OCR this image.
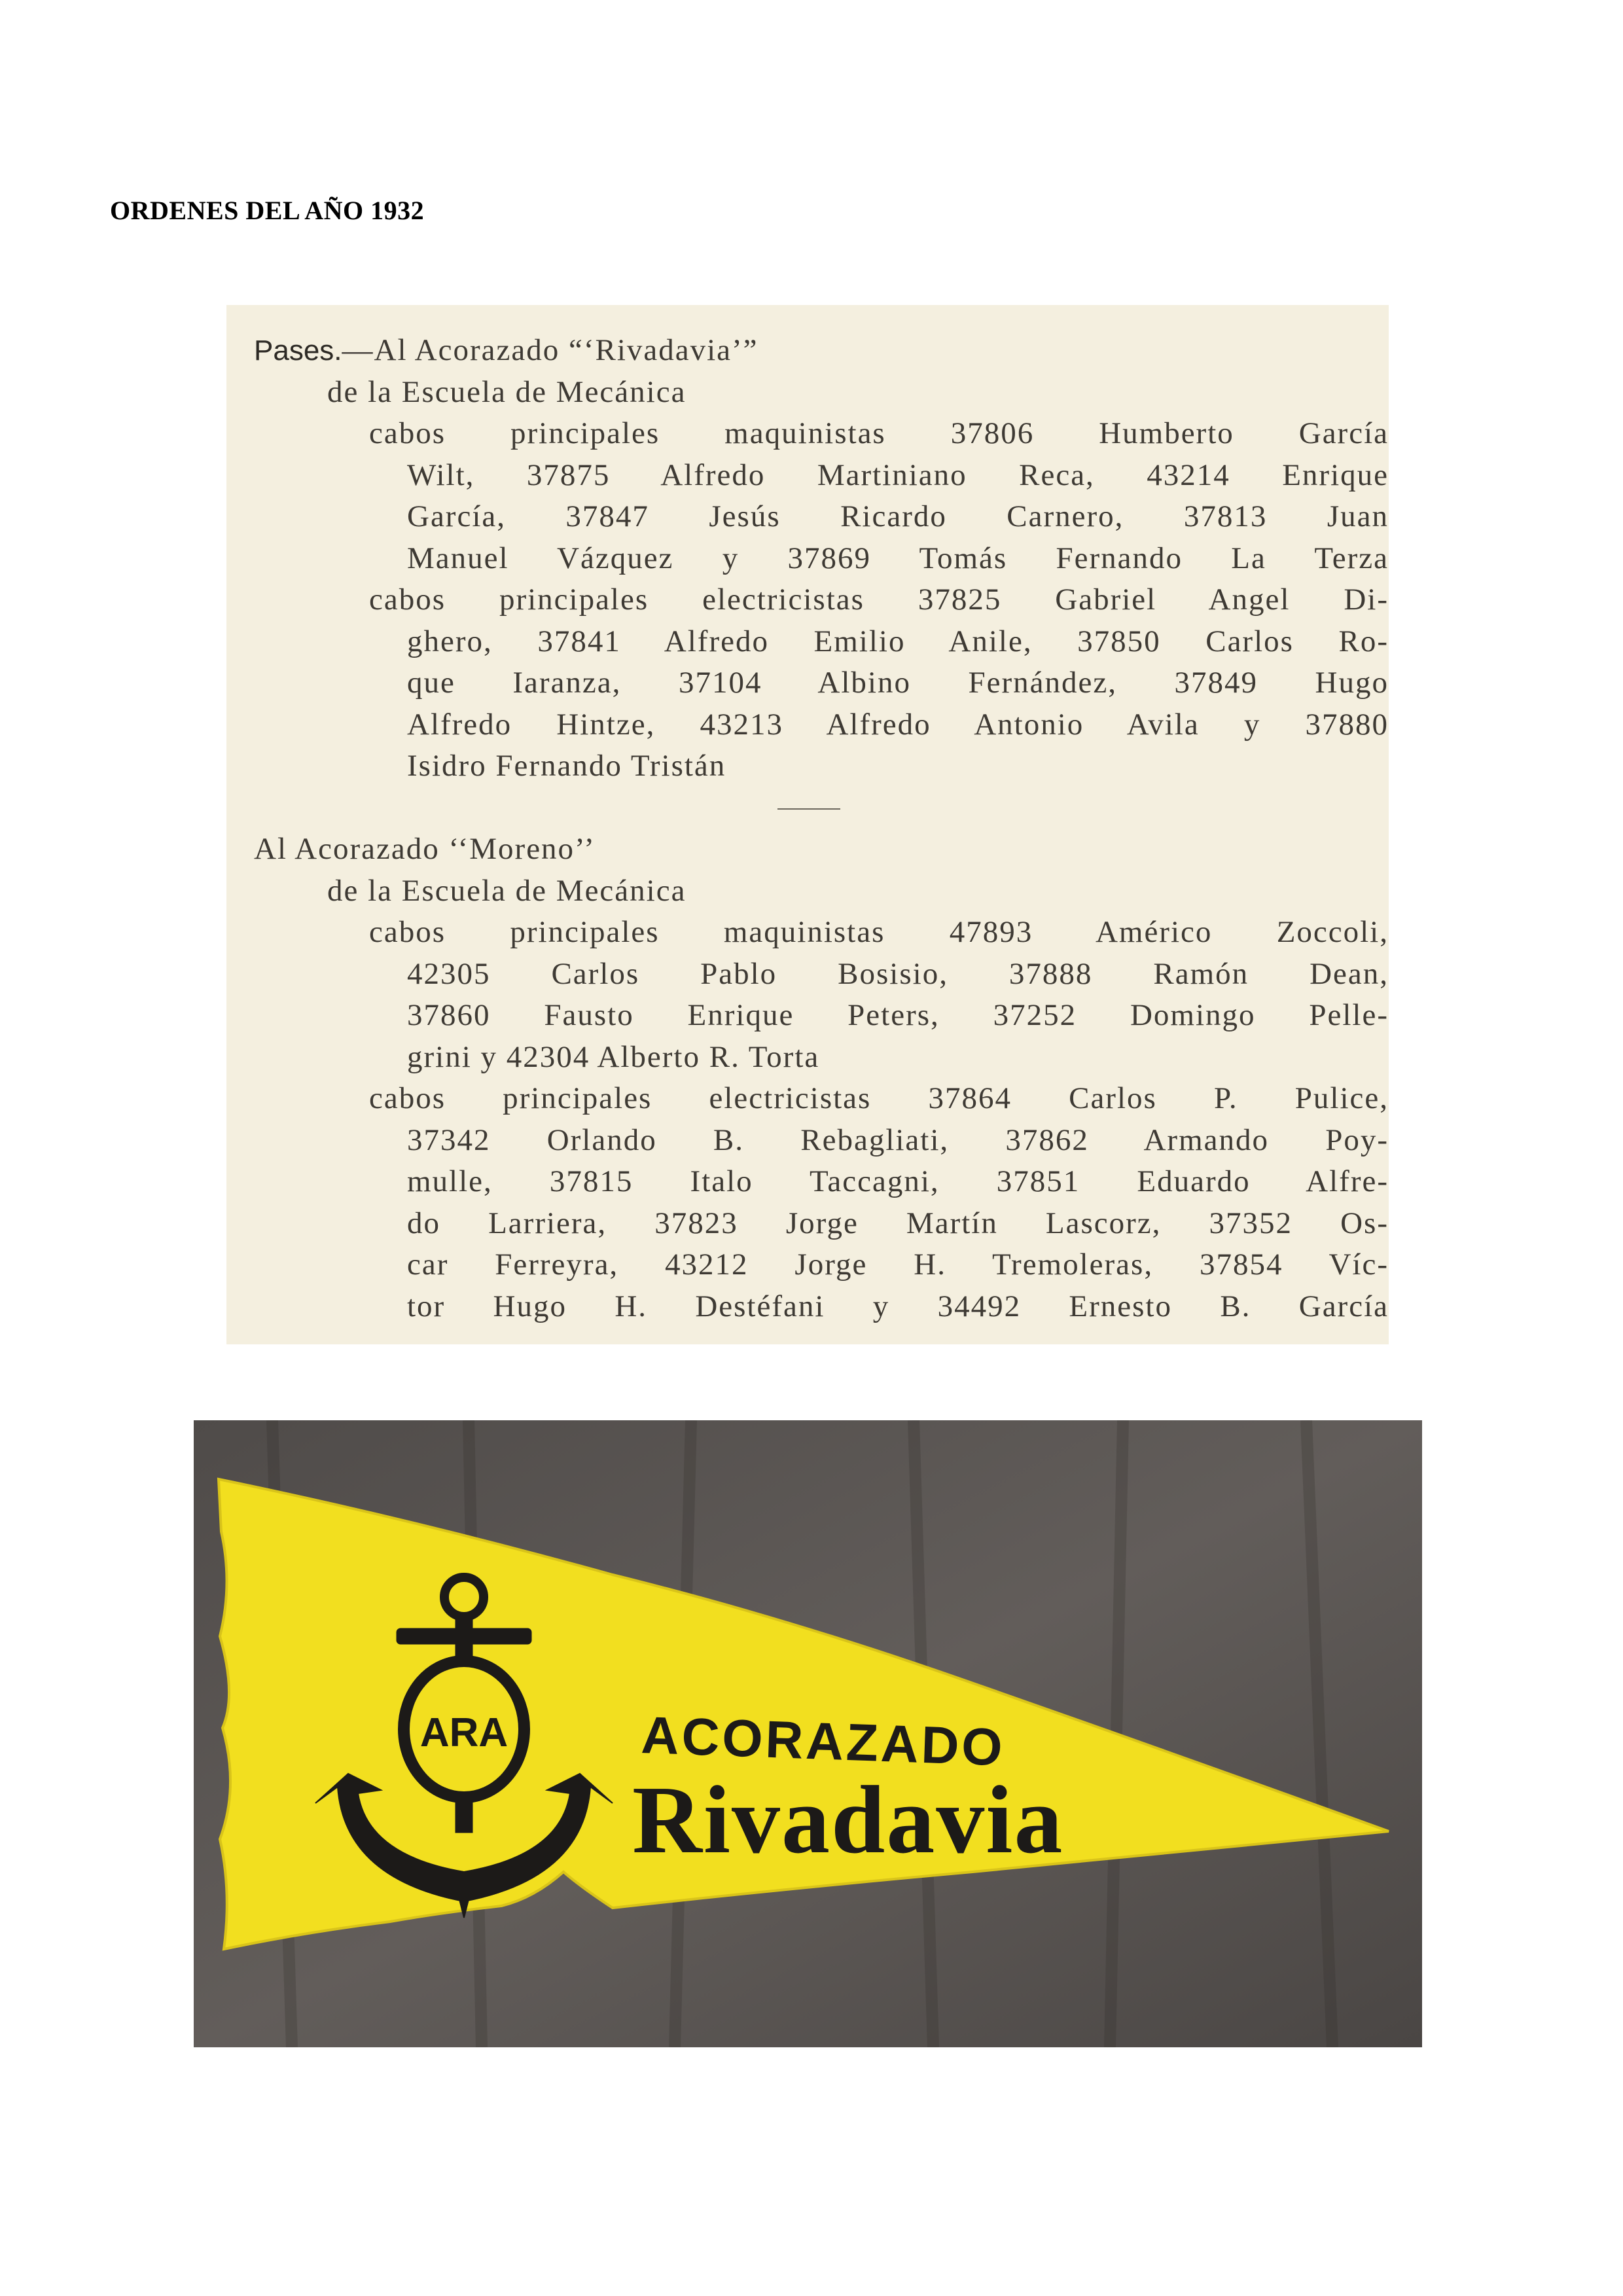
ORDENES DEL AÑO 1932
Pases.—Al Acorazado “‘Rivadavia’”
de la Escuela de Mecánica
cabos principales maquinistas 37806 Humberto García
Wilt, 37875 Alfredo Martiniano Reca, 43214 Enrique
García, 37847 Jesús Ricardo Carnero, 37813 Juan
Manuel Vázquez y 37869 Tomás Fernando La Terza
cabos principales electricistas 37825 Gabriel Angel Di-
ghero, 37841 Alfredo Emilio Anile, 37850 Carlos Ro-
que Iaranza, 37104 Albino Fernández, 37849 Hugo
Alfredo Hintze, 43213 Alfredo Antonio Avila y 37880
Isidro Fernando Tristán
Al Acorazado ‘‘Moreno’’
de la Escuela de Mecánica
cabos principales maquinistas 47893 Américo Zoccoli,
42305 Carlos Pablo Bosisio, 37888 Ramón Dean,
37860 Fausto Enrique Peters, 37252 Domingo Pelle-
grini y 42304 Alberto R. Torta
cabos principales electricistas 37864 Carlos P. Pulice,
37342 Orlando B. Rebagliati, 37862 Armando Poy-
mulle, 37815 Italo Taccagni, 37851 Eduardo Alfre-
do Larriera, 37823 Jorge Martín Lascorz, 37352 Os-
car Ferreyra, 43212 Jorge H. Tremoleras, 37854 Víc-
tor Hugo H. Destéfani y 34492 Ernesto B. García
ARA	ACORAZADO
Rivadavia
